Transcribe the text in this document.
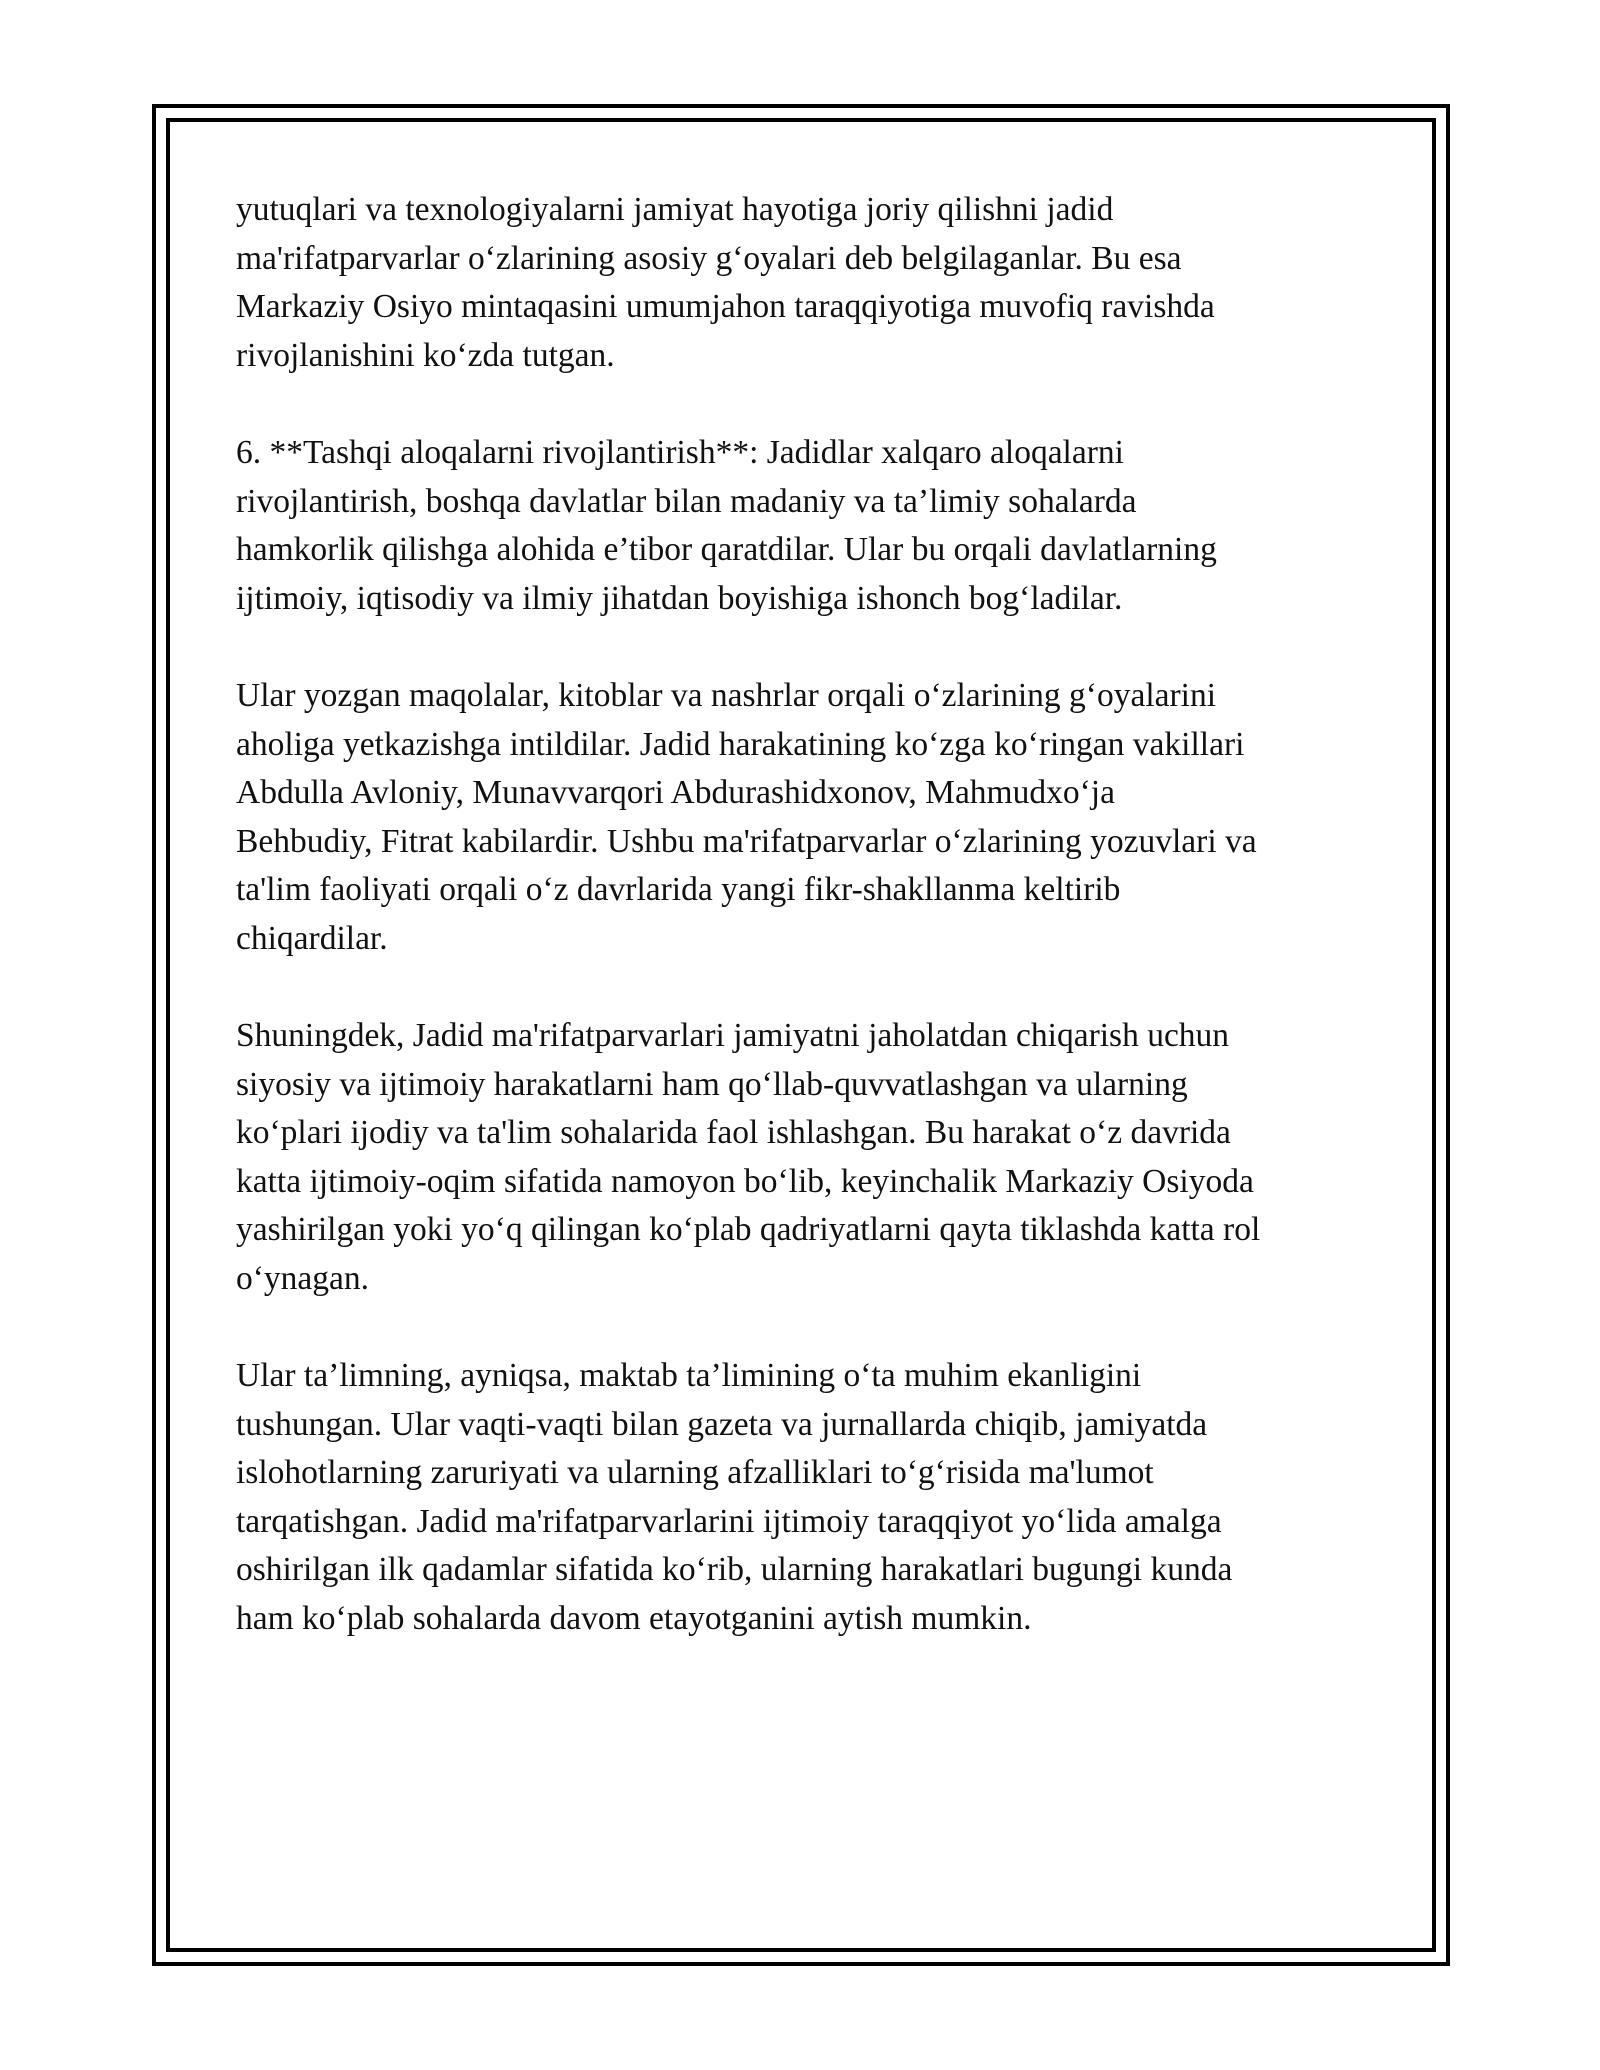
yutuqlari va texnologiyalarni jamiyat hayotiga joriy qilishni jadid
ma'rifatparvarlar o‘zlarining asosiy g‘oyalari deb belgilaganlar. Bu esa
Markaziy Osiyo mintaqasini umumjahon taraqqiyotiga muvofiq ravishda
rivojlanishini ko‘zda tutgan.

6. **Tashqi aloqalarni rivojlantirish**: Jadidlar xalqaro aloqalarni
rivojlantirish, boshqa davlatlar bilan madaniy va ta’limiy sohalarda
hamkorlik qilishga alohida e’tibor qaratdilar. Ular bu orqali davlatlarning
ijtimoiy, iqtisodiy va ilmiy jihatdan boyishiga ishonch bog‘ladilar.

Ular yozgan maqolalar, kitoblar va nashrlar orqali o‘zlarining g‘oyalarini
aholiga yetkazishga intildilar. Jadid harakatining ko‘zga ko‘ringan vakillari
Abdulla Avloniy, Munavvarqori Abdurashidxonov, Mahmudxo‘ja
Behbudiy, Fitrat kabilardir. Ushbu ma'rifatparvarlar o‘zlarining yozuvlari va
ta'lim faoliyati orqali o‘z davrlarida yangi fikr-shakllanma keltirib
chiqardilar.

Shuningdek, Jadid ma'rifatparvarlari jamiyatni jaholatdan chiqarish uchun
siyosiy va ijtimoiy harakatlarni ham qo‘llab-quvvatlashgan va ularning
ko‘plari ijodiy va ta'lim sohalarida faol ishlashgan. Bu harakat o‘z davrida
katta ijtimoiy-oqim sifatida namoyon bo‘lib, keyinchalik Markaziy Osiyoda
yashirilgan yoki yo‘q qilingan ko‘plab qadriyatlarni qayta tiklashda katta rol
o‘ynagan.

Ular ta’limning, ayniqsa, maktab ta’limining o‘ta muhim ekanligini
tushungan. Ular vaqti-vaqti bilan gazeta va jurnallarda chiqib, jamiyatda
islohotlarning zaruriyati va ularning afzalliklari to‘g‘risida ma'lumot
tarqatishgan. Jadid ma'rifatparvarlarini ijtimoiy taraqqiyot yo‘lida amalga
oshirilgan ilk qadamlar sifatida ko‘rib, ularning harakatlari bugungi kunda
ham ko‘plab sohalarda davom etayotganini aytish mumkin.
